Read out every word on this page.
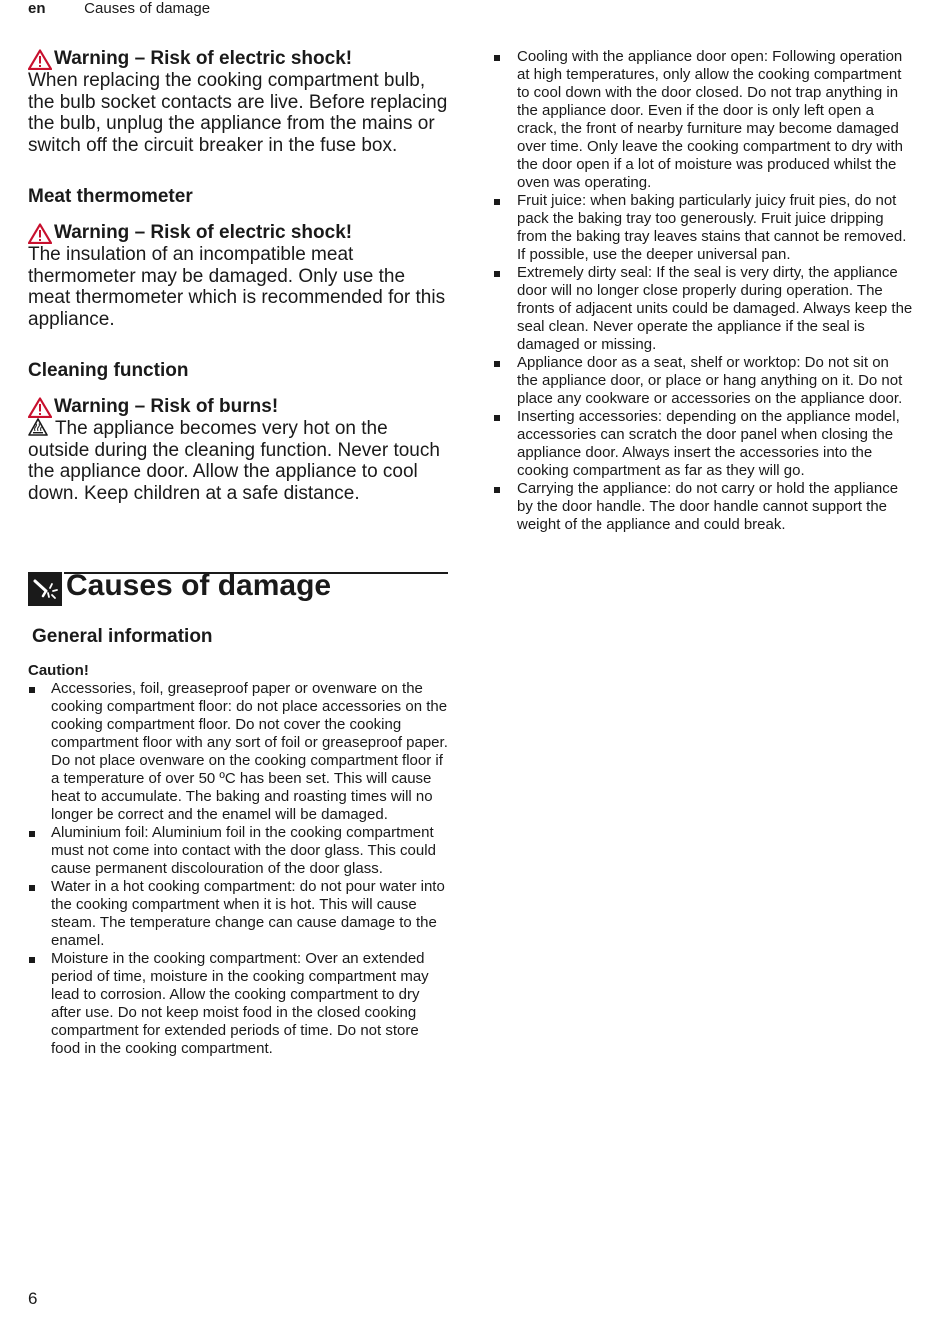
en	Causes of damage

Warning – Risk of electric shock!

When replacing the cooking compartment bulb, the bulb socket contacts are live. Before replacing the bulb, unplug the appliance from the mains or switch off the circuit breaker in the fuse box.

Meat thermometer

Warning – Risk of electric shock!

The insulation of an incompatible meat thermometer may be damaged. Only use the meat thermometer which is recommended for this appliance.

Cleaning function

Warning – Risk of burns!

The appliance becomes very hot on the outside during the cleaning function. Never touch the appliance door. Allow the appliance to cool down. Keep children at a safe distance.

Causes of damage
General information

Caution!

Accessories, foil, greaseproof paper or ovenware on the cooking compartment floor: do not place accessories on the cooking compartment floor. Do not cover the cooking compartment floor with any sort of foil or greaseproof paper. Do not place ovenware on the cooking compartment floor if a temperature of over 50 ºC has been set. This will cause heat to accumulate. The baking and roasting times will no longer be correct and the enamel will be damaged.
Aluminium foil: Aluminium foil in the cooking compartment must not come into contact with the door glass. This could cause permanent discolouration of the door glass.
Water in a hot cooking compartment: do not pour water into the cooking compartment when it is hot. This will cause steam. The temperature change can cause damage to the enamel.
Moisture in the cooking compartment: Over an extended period of time, moisture in the cooking compartment may lead to corrosion. Allow the cooking compartment to dry after use. Do not keep moist food in the closed cooking compartment for extended periods of time. Do not store food in the cooking compartment.
Cooling with the appliance door open: Following operation at high temperatures, only allow the cooking compartment to cool down with the door closed. Do not trap anything in the appliance door. Even if the door is only left open a crack, the front of nearby furniture may become damaged over time. Only leave the cooking compartment to dry with the door open if a lot of moisture was produced whilst the oven was operating.
Fruit juice: when baking particularly juicy fruit pies, do not pack the baking tray too generously. Fruit juice dripping from the baking tray leaves stains that cannot be removed. If possible, use the deeper universal pan.
Extremely dirty seal: If the seal is very dirty, the appliance door will no longer close properly during operation. The fronts of adjacent units could be damaged. Always keep the seal clean. Never operate the appliance if the seal is damaged or missing.
Appliance door as a seat, shelf or worktop: Do not sit on the appliance door, or place or hang anything on it. Do not place any cookware or accessories on the appliance door.
Inserting accessories: depending on the appliance model, accessories can scratch the door panel when closing the appliance door. Always insert the accessories into the cooking compartment as far as they will go.
Carrying the appliance: do not carry or hold the appliance by the door handle. The door handle cannot support the weight of the appliance and could break.
6
